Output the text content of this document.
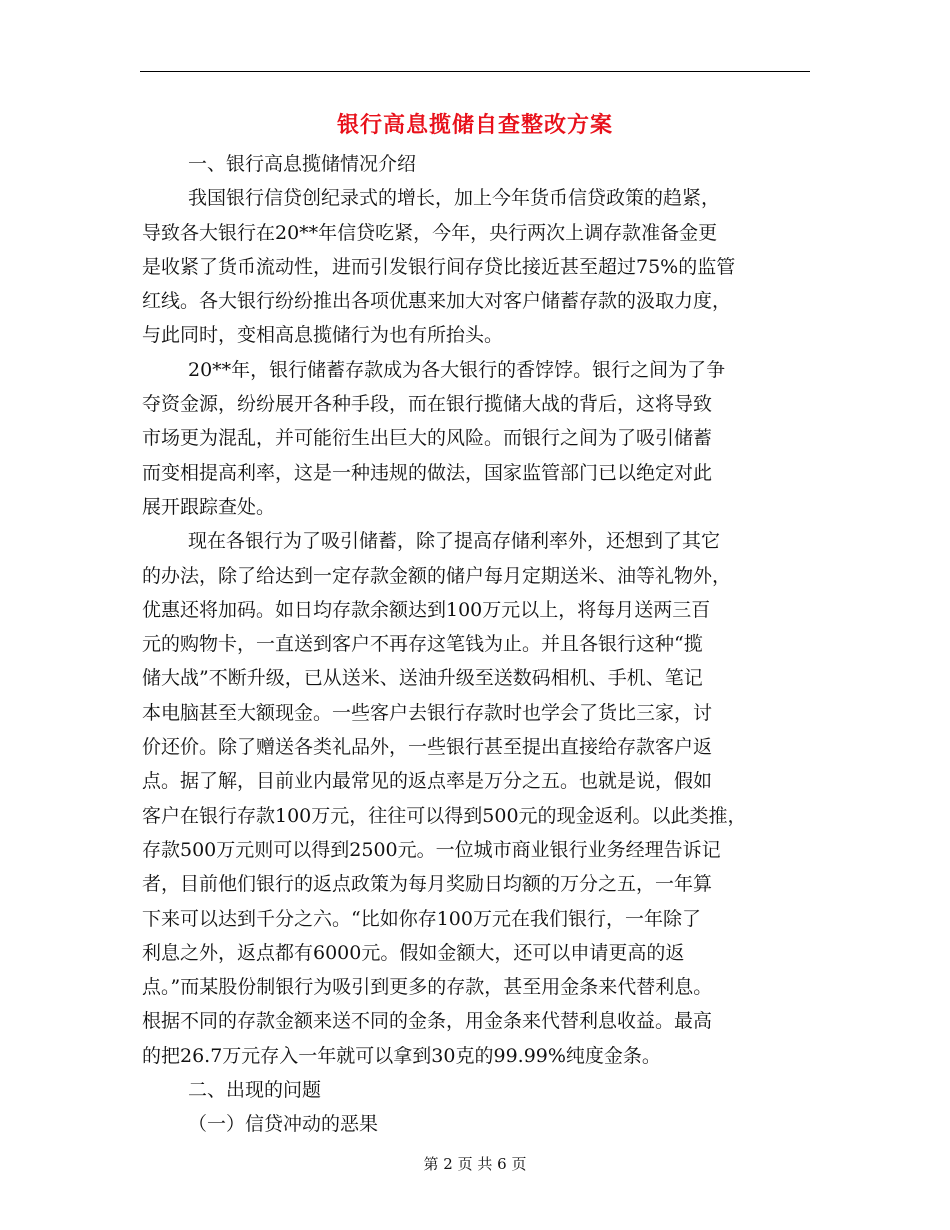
银行高息揽储自查整改方案
一、银行高息揽储情况介绍
我国银行信贷创纪录式的增长，加上今年货币信贷政策的趋紧，
导致各大银行在20**年信贷吃紧，今年，央行两次上调存款准备金更
是收紧了货币流动性，进而引发银行间存贷比接近甚至超过75%的监管
红线。各大银行纷纷推出各项优惠来加大对客户储蓄存款的汲取力度，
与此同时，变相高息揽储行为也有所抬头。
20**年，银行储蓄存款成为各大银行的香饽饽。银行之间为了争
夺资金源，纷纷展开各种手段，而在银行揽储大战的背后，这将导致
市场更为混乱，并可能衍生出巨大的风险。而银行之间为了吸引储蓄
而变相提高利率，这是一种违规的做法，国家监管部门已以绝定对此
展开跟踪查处。
现在各银行为了吸引储蓄，除了提高存储利率外，还想到了其它
的办法，除了给达到一定存款金额的储户每月定期送米、油等礼物外，
优惠还将加码。如日均存款余额达到100万元以上，将每月送两三百
元的购物卡，一直送到客户不再存这笔钱为止。并且各银行这种“揽
储大战”不断升级，已从送米、送油升级至送数码相机、手机、笔记
本电脑甚至大额现金。一些客户去银行存款时也学会了货比三家，讨
价还价。除了赠送各类礼品外，一些银行甚至提出直接给存款客户返
点。据了解，目前业内最常见的返点率是万分之五。也就是说，假如
客户在银行存款100万元，往往可以得到500元的现金返利。以此类推，
存款500万元则可以得到2500元。一位城市商业银行业务经理告诉记
者，目前他们银行的返点政策为每月奖励日均额的万分之五，一年算
下来可以达到千分之六。“比如你存100万元在我们银行，一年除了
利息之外，返点都有6000元。假如金额大，还可以申请更高的返
点。”而某股份制银行为吸引到更多的存款，甚至用金条来代替利息。
根据不同的存款金额来送不同的金条，用金条来代替利息收益。最高
的把26.7万元存入一年就可以拿到30克的99.99%纯度金条。
二、出现的问题
（一）信贷冲动的恶果
第 2 页 共 6 页
